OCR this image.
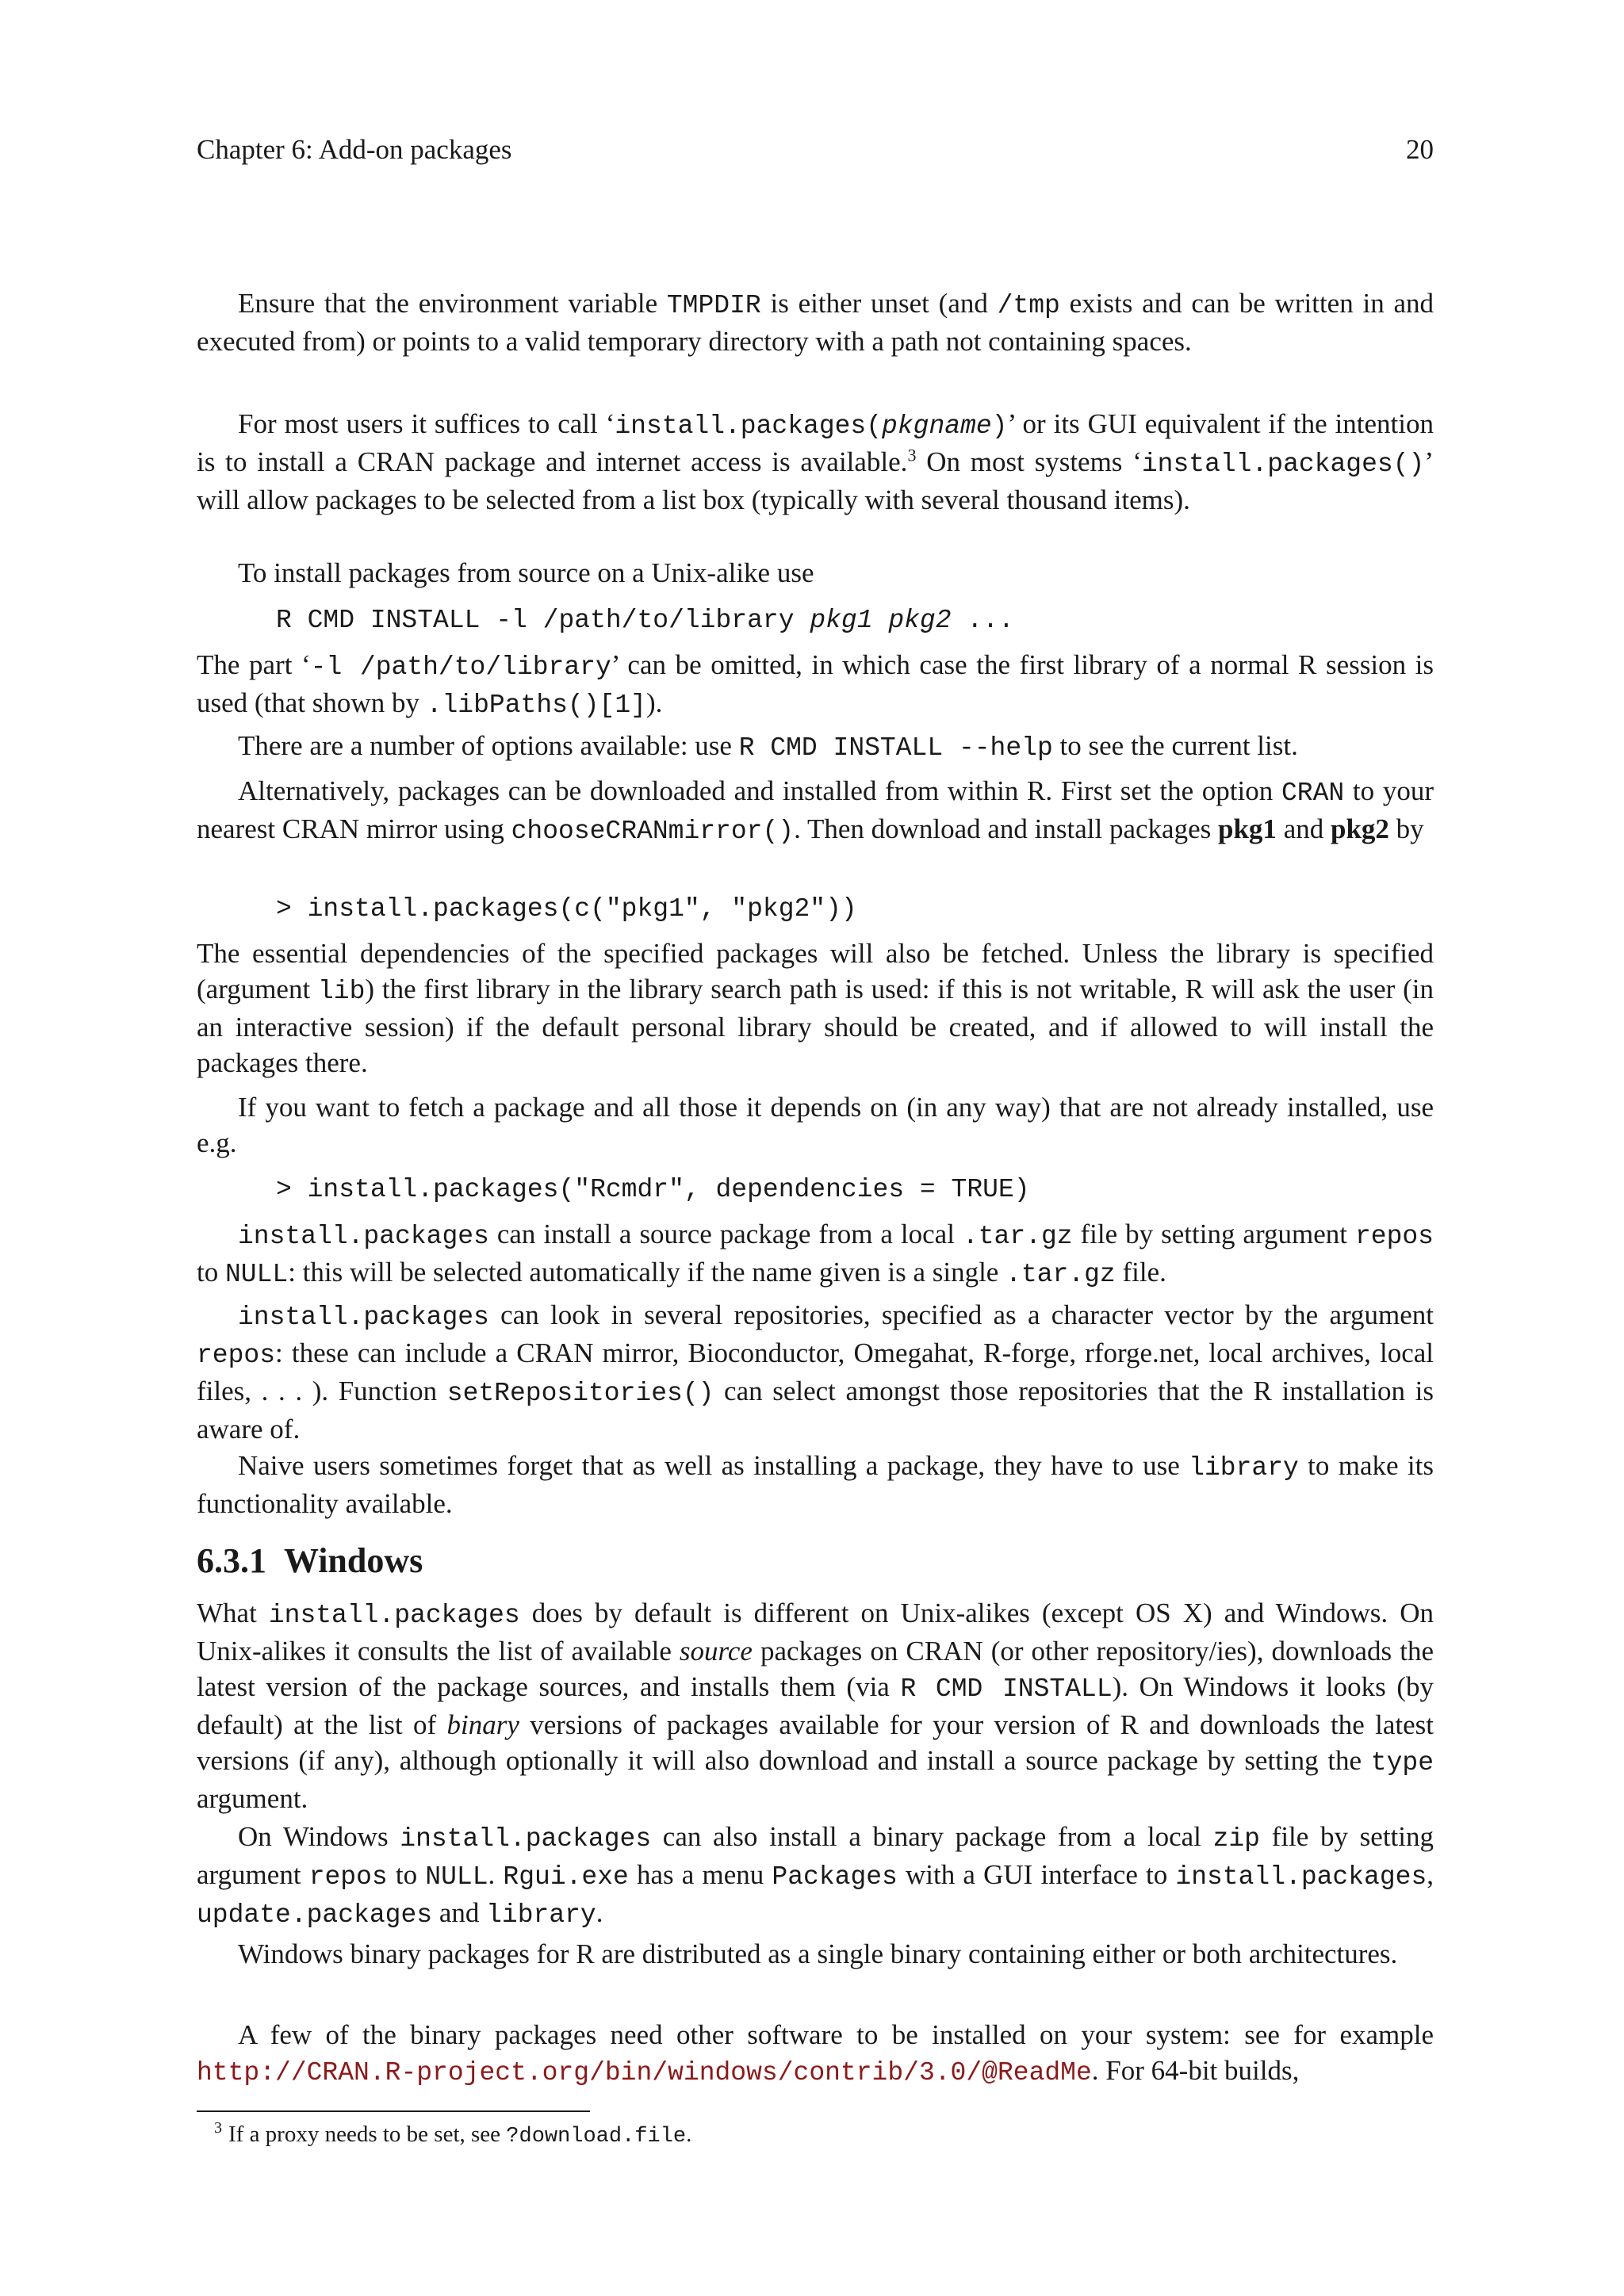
Chapter 6: Add-on packages	20

Ensure that the environment variable TMPDIR is either unset (and /tmp exists and can be written in and executed from) or points to a valid temporary directory with a path not containing spaces.

For most users it suffices to call ‘install.packages(pkgname)’ or its GUI equivalent if the intention is to install a CRAN package and internet access is available.$^3$ On most systems ‘install.packages()’ will allow packages to be selected from a list box (typically with several thousand items).

To install packages from source on a Unix-alike use

R CMD INSTALL -l /path/to/library pkg1 pkg2 ...

The part ‘-l /path/to/library’ can be omitted, in which case the first library of a normal R session is used (that shown by .libPaths()[1]).

There are a number of options available: use R CMD INSTALL --help to see the current list.

Alternatively, packages can be downloaded and installed from within R. First set the option CRAN to your nearest CRAN mirror using chooseCRANmirror(). Then download and install packages pkg1 and pkg2 by

> install.packages(c("pkg1", "pkg2"))

The essential dependencies of the specified packages will also be fetched. Unless the library is specified (argument lib) the first library in the library search path is used: if this is not writable, R will ask the user (in an interactive session) if the default personal library should be created, and if allowed to will install the packages there.

If you want to fetch a package and all those it depends on (in any way) that are not already installed, use e.g.

> install.packages("Rcmdr", dependencies = TRUE)

install.packages can install a source package from a local .tar.gz file by setting argument repos to NULL: this will be selected automatically if the name given is a single .tar.gz file.

install.packages can look in several repositories, specified as a character vector by the argument repos: these can include a CRAN mirror, Bioconductor, Omegahat, R-forge, rforge.net, local archives, local files, . . . ). Function setRepositories() can select amongst those repositories that the R installation is aware of.

Naive users sometimes forget that as well as installing a package, they have to use library to make its functionality available.

6.3.1 Windows

What install.packages does by default is different on Unix-alikes (except OS X) and Windows. On Unix-alikes it consults the list of available source packages on CRAN (or other repository/ies), downloads the latest version of the package sources, and installs them (via R CMD INSTALL). On Windows it looks (by default) at the list of binary versions of packages available for your version of R and downloads the latest versions (if any), although optionally it will also download and install a source package by setting the type argument.

On Windows install.packages can also install a binary package from a local zip file by setting argument repos to NULL. Rgui.exe has a menu Packages with a GUI interface to install.packages, update.packages and library.

Windows binary packages for R are distributed as a single binary containing either or both architectures.

A few of the binary packages need other software to be installed on your system: see for example http://CRAN.R-project.org/bin/windows/contrib/3.0/@ReadMe. For 64-bit builds,

$^3$ If a proxy needs to be set, see ?download.file.
